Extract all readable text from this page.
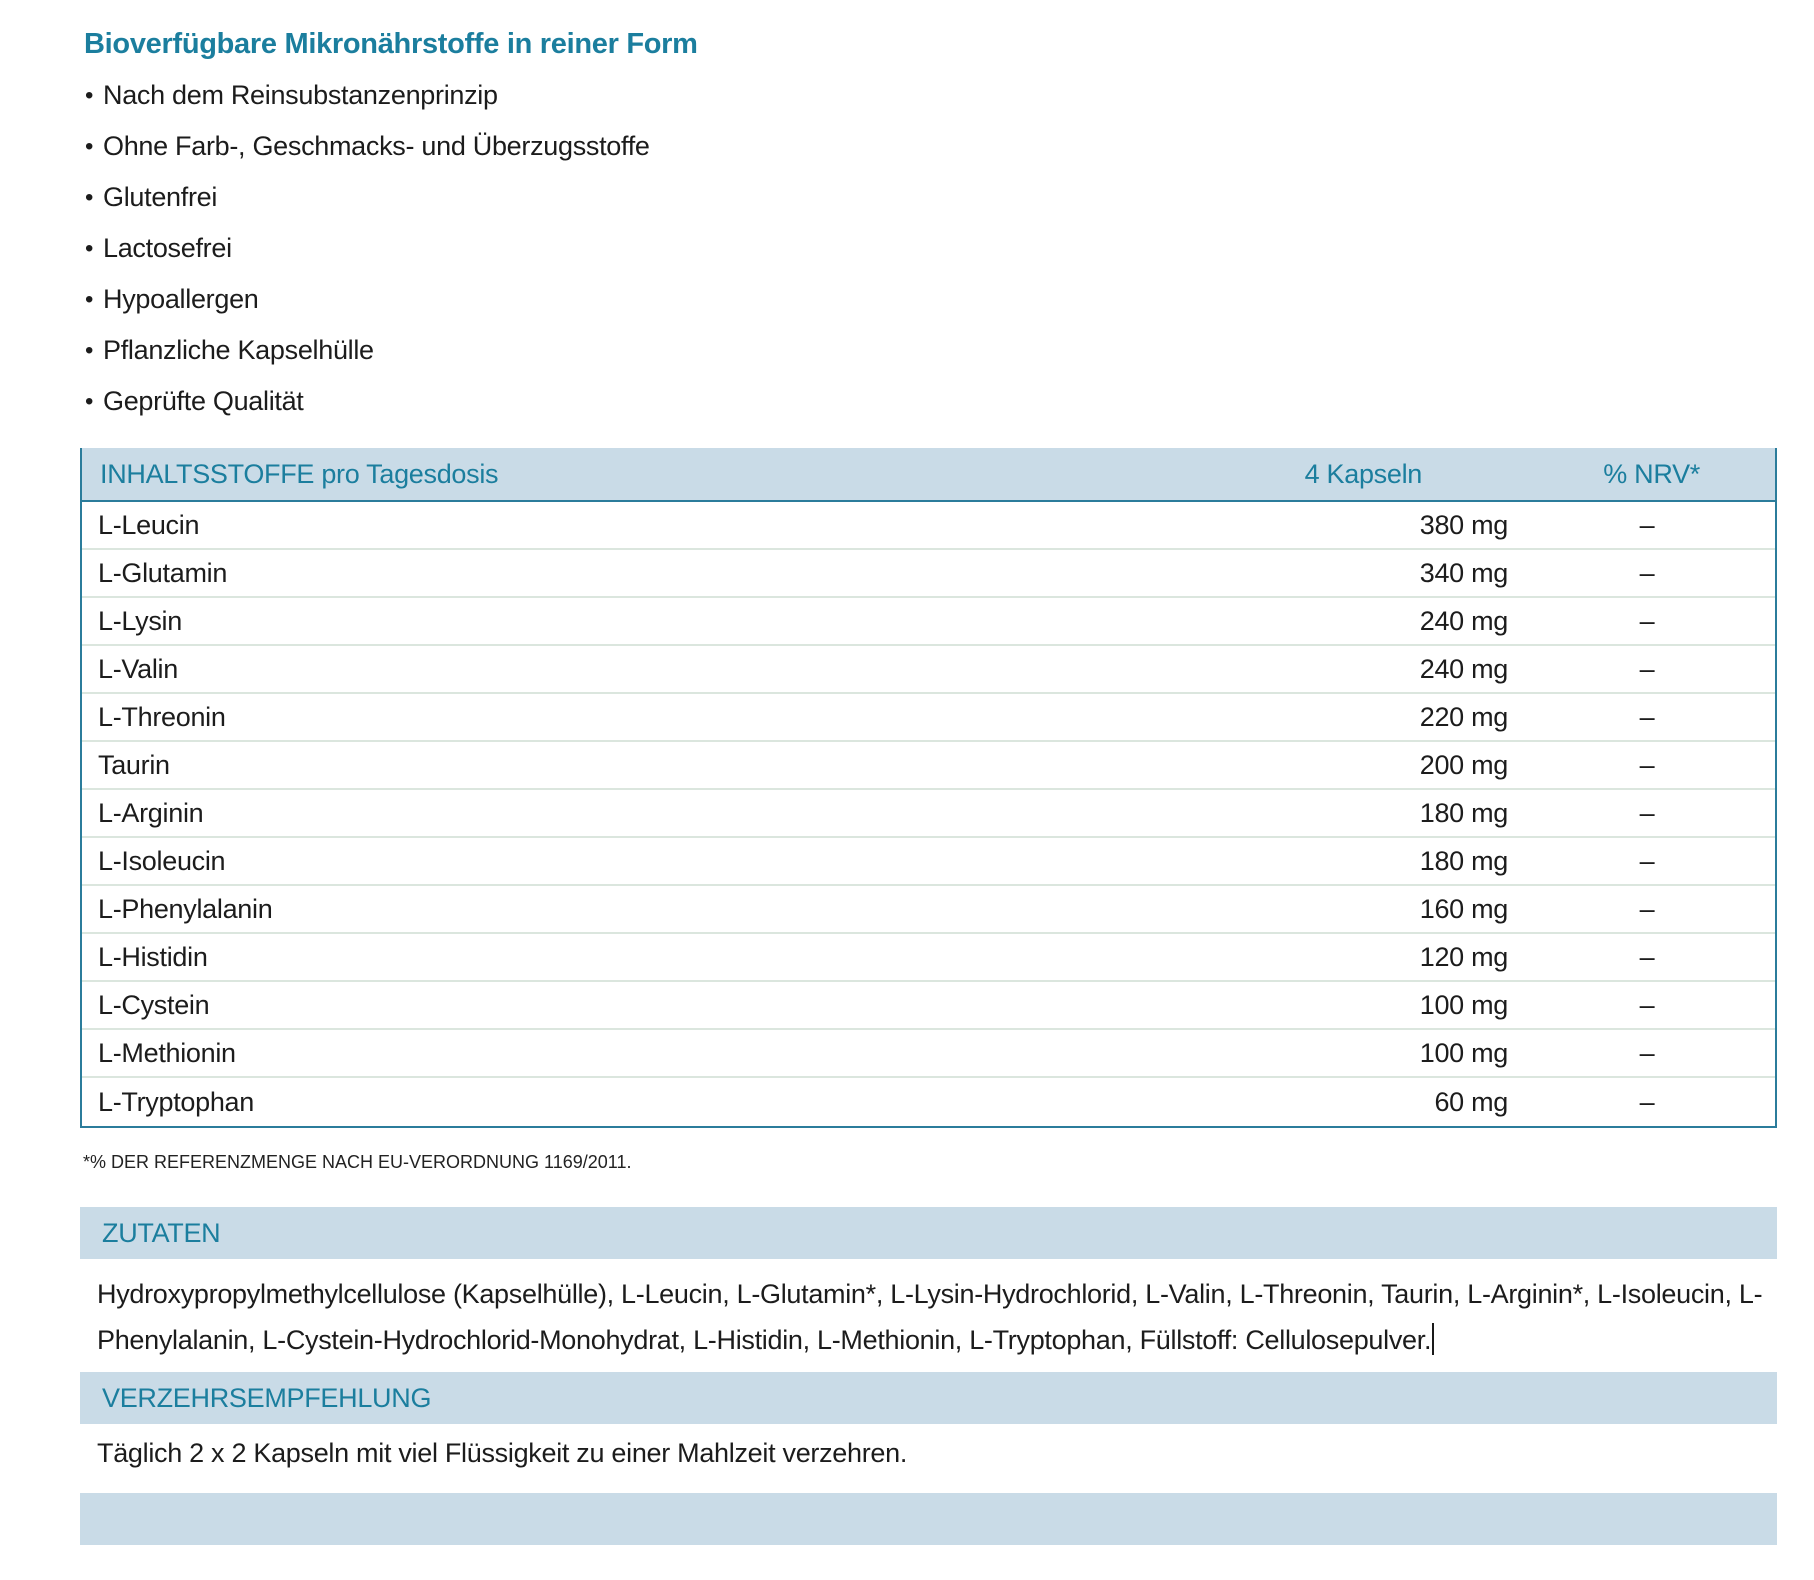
Bioverfügbare Mikronährstoffe in reiner Form
• Nach dem Reinsubstanzenprinzip
• Ohne Farb-, Geschmacks- und Überzugsstoffe
• Glutenfrei
• Lactosefrei
• Hypoallergen
• Pflanzliche Kapselhülle
• Geprüfte Qualität
INHALTSSTOFFE pro Tagesdosis	4 Kapseln	% NRV*
L-Leucin	380 mg	–
L-Glutamin	340 mg	–
L-Lysin	240 mg	–
L-Valin	240 mg	–
L-Threonin	220 mg	–
Taurin	200 mg	–
L-Arginin	180 mg	–
L-Isoleucin	180 mg	–
L-Phenylalanin	160 mg	–
L-Histidin	120 mg	–
L-Cystein	100 mg	–
L-Methionin	100 mg	–
L-Tryptophan	60 mg	–
*% DER REFERENZMENGE NACH EU-VERORDNUNG 1169/2011.
ZUTATEN

Hydroxypropylmethylcellulose (Kapselhülle), L-Leucin, L-Glutamin*, L-Lysin-Hydrochlorid, L-Valin, L-Threonin, Taurin, L-Arginin*, L-Isoleucin, L-Phenylalanin, L-Cystein-Hydrochlorid-Monohydrat, L-Histidin, L-Methionin, L-Tryptophan, Füllstoff: Cellulosepulver.

VERZEHRSEMPFEHLUNG

Täglich 2 x 2 Kapseln mit viel Flüssigkeit zu einer Mahlzeit verzehren.
